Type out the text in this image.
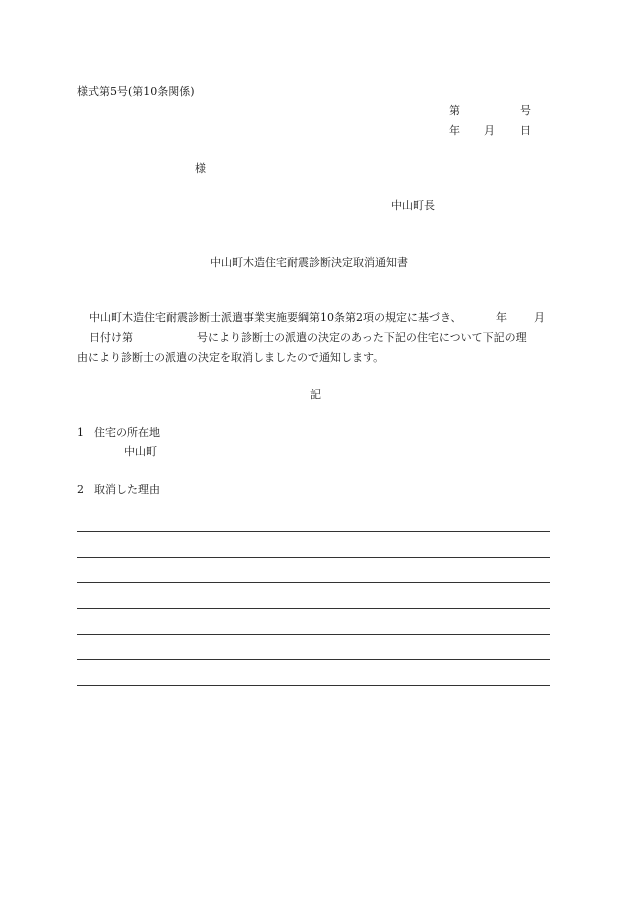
様式第5号(第10条関係)
第	号
年 月 日
様
中山町長
中山町木造住宅耐震診断決定取消通知書
中山町木造住宅耐震診断士派遣事業実施要綱第10条第2項の規定に基づき、	年 月
日付け第	号により診断士の派遣の決定のあった下記の住宅について下記の理
由により診断士の派遣の決定を取消しましたので通知します。
記
1 住宅の所在地
中山町
2 取消した理由
